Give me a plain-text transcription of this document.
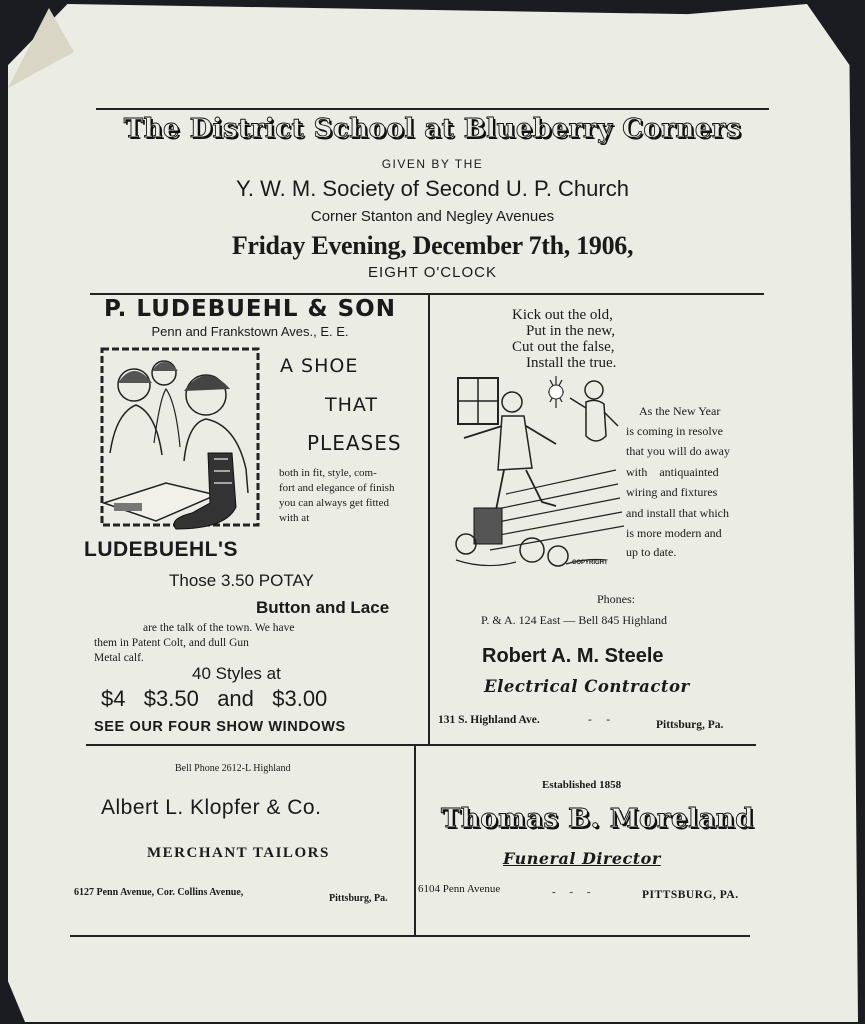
The District School at Blueberry Corners
GIVEN BY THE
Y. W. M. Society of Second U. P. Church
Corner Stanton and Negley Avenues
Friday Evening, December 7th, 1906,
EIGHT O'CLOCK
P. LUDEBUEHL & SON
Penn and Frankstown Aves., E. E.
A SHOE
THAT
PLEASES
both in fit, style, com-
fort and elegance of finish
you can always get fitted
with at
LUDEBUEHL'S
Those 3.50 POTAY
Button and Lace
are the talk of the town. We have
them in Patent Colt, and dull Gun
Metal calf.
40 Styles at
$4   $3.50   and   $3.00
SEE OUR FOUR SHOW WINDOWS
Kick out the old,
Put in the new,
Cut out the false,
Install the true.
COPYRIGHT
As the New Year
is coming in resolve
that you will do away
with    antiquainted
wiring and fixtures
and install that which
is more modern and
up to date.
Phones:
P. & A. 124 East — Bell 845 Highland
Robert A. M. Steele
Electrical Contractor
131 S. Highland Ave.	-     -	Pittsburg, Pa.
Bell Phone 2612-L Highland
Albert L. Klopfer & Co.
MERCHANT TAILORS
6127 Penn Avenue, Cor. Collins Avenue,
Pittsburg, Pa.
Established 1858
Thomas B. Moreland
Funeral Director
6104 Penn Avenue	-     -     -	PITTSBURG, PA.
